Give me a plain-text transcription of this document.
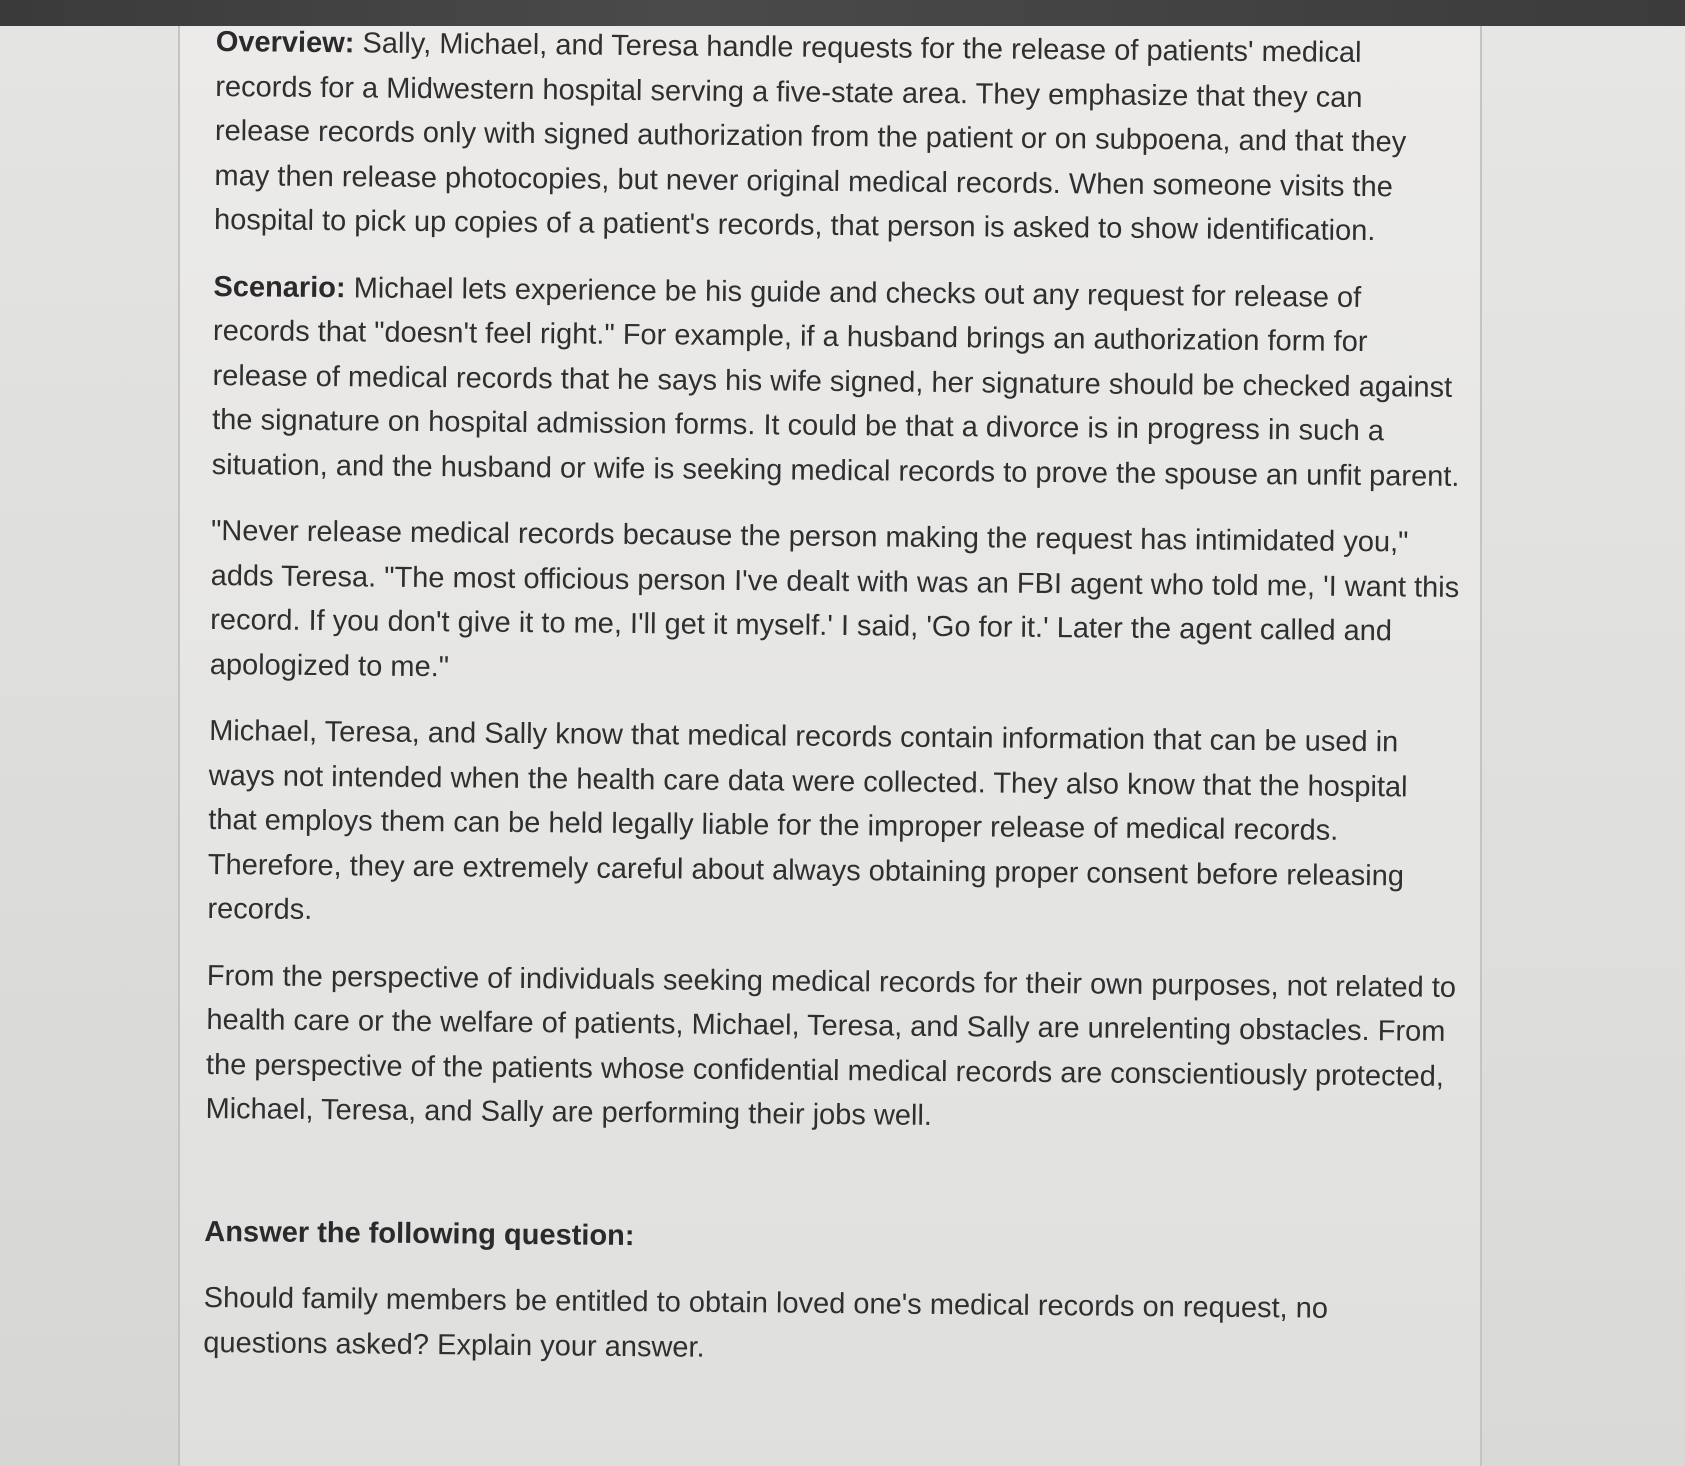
Overview: Sally, Michael, and Teresa handle requests for the release of patients' medical records for a Midwestern hospital serving a five-state area. They emphasize that they can release records only with signed authorization from the patient or on subpoena, and that they may then release photocopies, but never original medical records. When someone visits the hospital to pick up copies of a patient's records, that person is asked to show identification.

Scenario: Michael lets experience be his guide and checks out any request for release of records that "doesn't feel right." For example, if a husband brings an authorization form for release of medical records that he says his wife signed, her signature should be checked against the signature on hospital admission forms. It could be that a divorce is in progress in such a situation, and the husband or wife is seeking medical records to prove the spouse an unfit parent.

"Never release medical records because the person making the request has intimidated you," adds Teresa. "The most officious person I've dealt with was an FBI agent who told me, 'I want this record. If you don't give it to me, I'll get it myself.' I said, 'Go for it.' Later the agent called and apologized to me."

Michael, Teresa, and Sally know that medical records contain information that can be used in ways not intended when the health care data were collected. They also know that the hospital that employs them can be held legally liable for the improper release of medical records. Therefore, they are extremely careful about always obtaining proper consent before releasing records.

From the perspective of individuals seeking medical records for their own purposes, not related to health care or the welfare of patients, Michael, Teresa, and Sally are unrelenting obstacles. From the perspective of the patients whose confidential medical records are conscientiously protected, Michael, Teresa, and Sally are performing their jobs well.

Answer the following question:

Should family members be entitled to obtain loved one's medical records on request, no questions asked? Explain your answer.
